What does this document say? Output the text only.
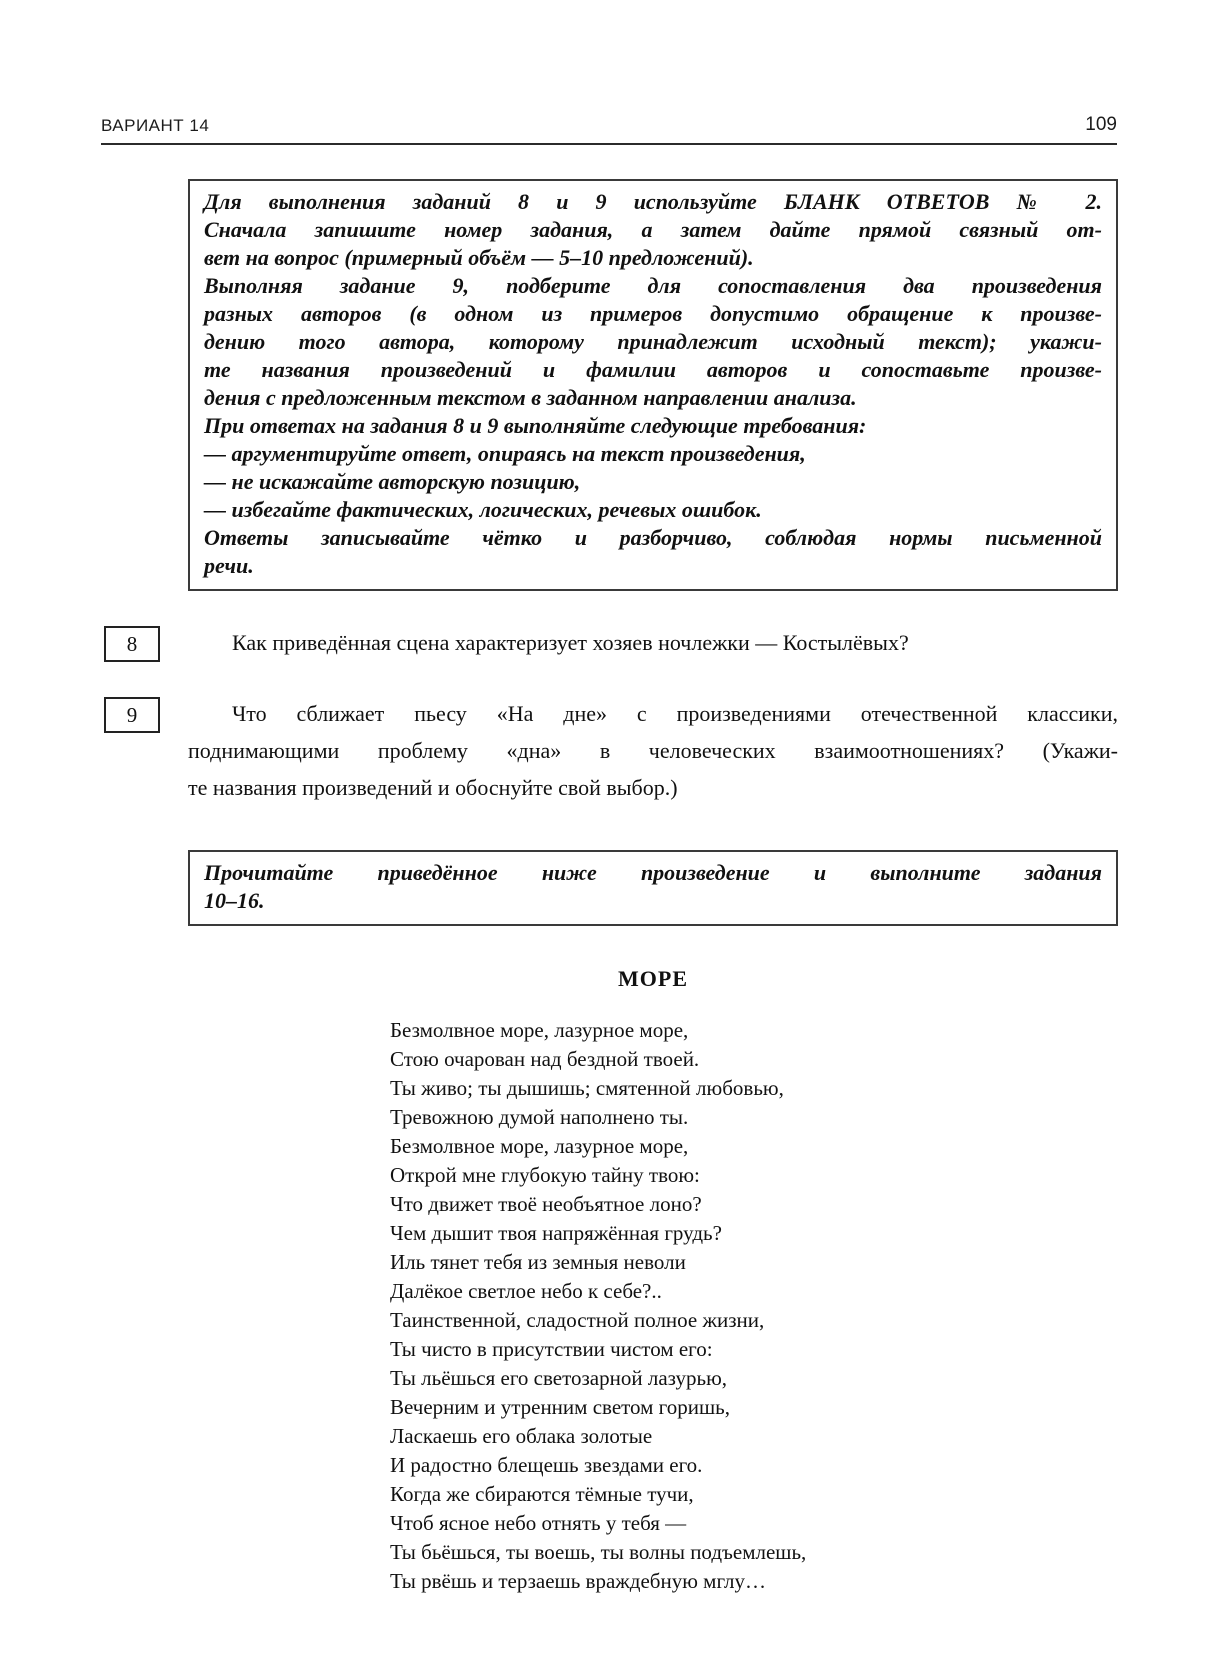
ВАРИАНТ 14	109
Для выполнения заданий 8 и 9 используйте БЛАНК ОТВЕТОВ № 2.
Сначала запишите номер задания, а затем дайте прямой связный от-
вет на вопрос (примерный объём — 5–10 предложений).
Выполняя задание 9, подберите для сопоставления два произведения
разных авторов (в одном из примеров допустимо обращение к произве-
дению того автора, которому принадлежит исходный текст); укажи-
те названия произведений и фамилии авторов и сопоставьте произве-
дения с предложенным текстом в заданном направлении анализа.
При ответах на задания 8 и 9 выполняйте следующие требования:
— аргументируйте ответ, опираясь на текст произведения,
— не искажайте авторскую позицию,
— избегайте фактических, логических, речевых ошибок.
Ответы записывайте чётко и разборчиво, соблюдая нормы письменной
речи.
8	Как приведённая сцена характеризует хозяев ночлежки — Костылёвых?
9	Что сближает пьесу «На дне» с произведениями отечественной классики,
поднимающими проблему «дна» в человеческих взаимоотношениях? (Укажи-
те названия произведений и обоснуйте свой выбор.)
Прочитайте приведённое ниже произведение и выполните задания
10–16.
МОРЕ
Безмолвное море, лазурное море,
Стою очарован над бездной твоей.
Ты живо; ты дышишь; смятенной любовью,
Тревожною думой наполнено ты.
Безмолвное море, лазурное море,
Открой мне глубокую тайну твою:
Что движет твоё необъятное лоно?
Чем дышит твоя напряжённая грудь?
Иль тянет тебя из земныя неволи
Далёкое светлое небо к себе?..
Таинственной, сладостной полное жизни,
Ты чисто в присутствии чистом его:
Ты льёшься его светозарной лазурью,
Вечерним и утренним светом горишь,
Ласкаешь его облака золотые
И радостно блещешь звездами его.
Когда же сбираются тёмные тучи,
Чтоб ясное небо отнять у тебя —
Ты бьёшься, ты воешь, ты волны подъемлешь,
Ты рвёшь и терзаешь враждебную мглу…
